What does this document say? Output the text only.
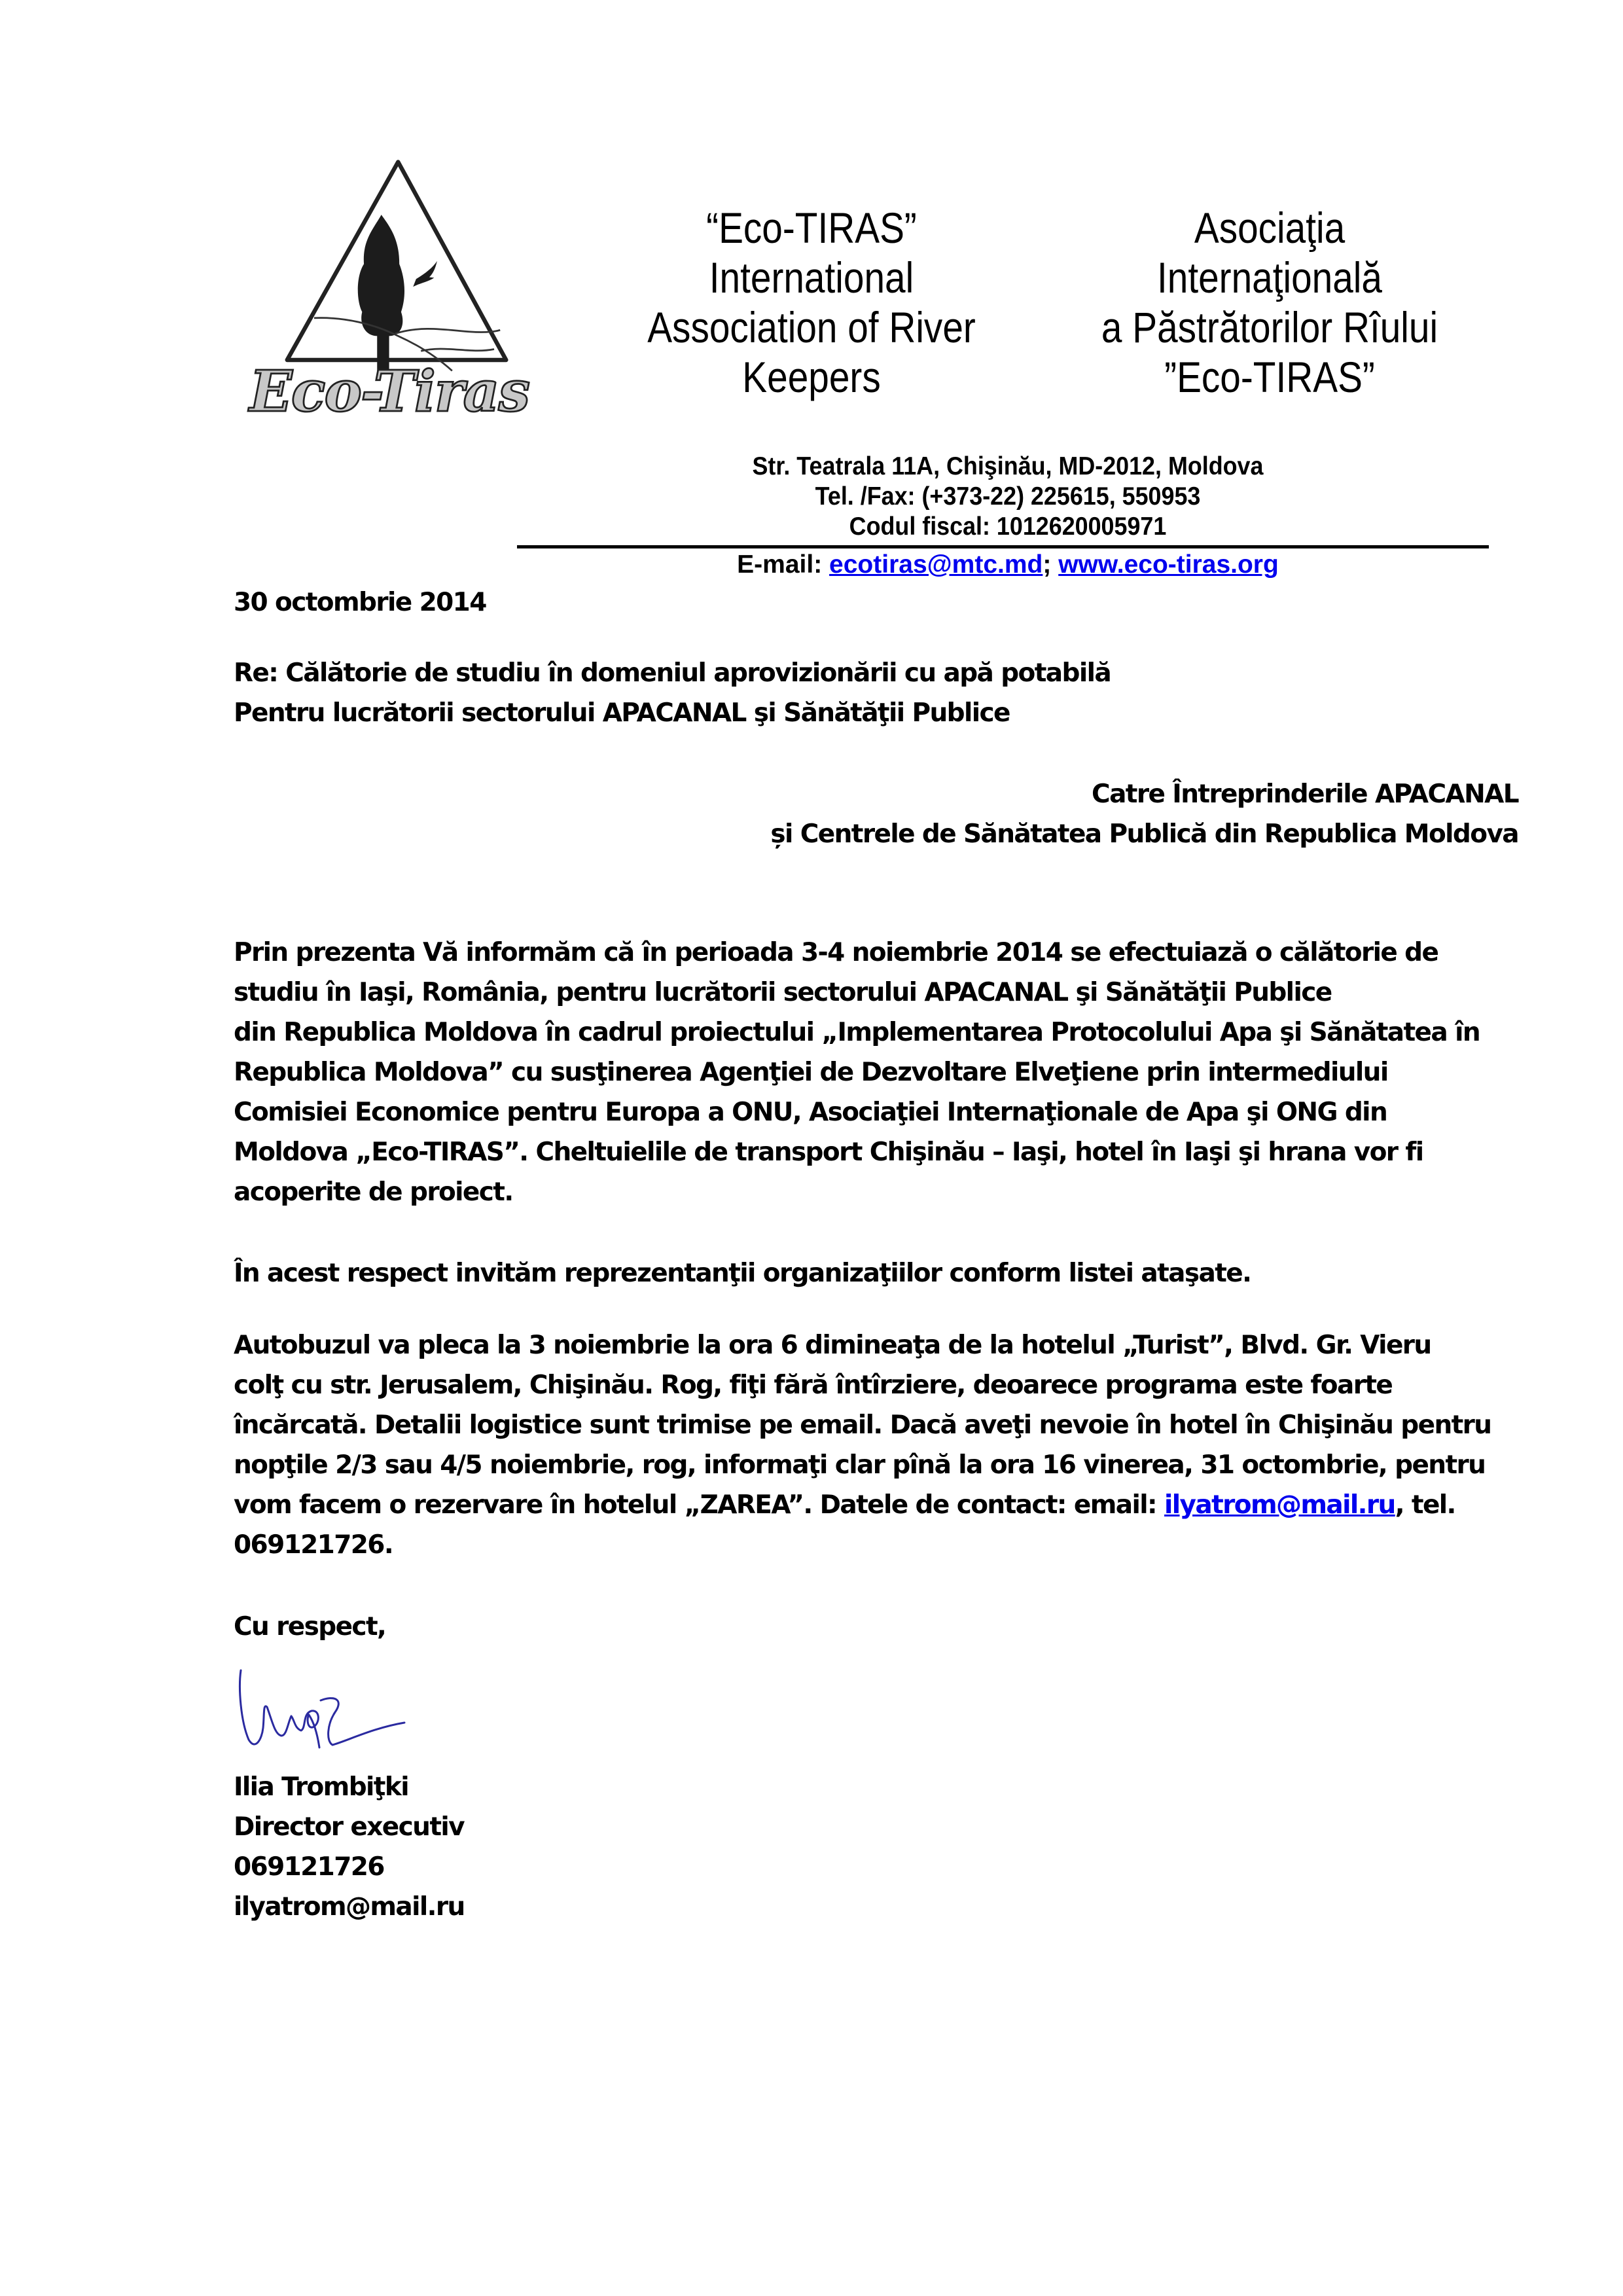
Eco-Tiras
“Eco-TIRAS”
International
Association of River
Keepers
Asociaţia
Internaţională
a Păstrătorilor Rîului
”Eco-TIRAS”
Str. Teatrala 11A, Chişinău, MD-2012, Moldova
Tel. /Fax: (+373-22) 225615, 550953
Codul fiscal: 1012620005971
E-mail: ecotiras@mtc.md; www.eco-tiras.org
30 octombrie 2014
Re: Călătorie de studiu în domeniul aprovizionării cu apă potabilă
Pentru lucrătorii sectorului APACANAL şi Sănătăţii Publice
Catre Întreprinderile APACANAL
și Centrele de Sănătatea Publică din Republica Moldova
Prin prezenta Vă informăm că în perioada 3-4 noiembrie 2014 se efectuiază o călătorie de
studiu în Iaşi, România, pentru lucrătorii sectorului APACANAL şi Sănătăţii Publice
din Republica Moldova în cadrul proiectului „Implementarea Protocolului Apa şi Sănătatea în
Republica Moldova” cu susţinerea Agenţiei de Dezvoltare Elveţiene prin intermediului
Comisiei Economice pentru Europa a ONU, Asociaţiei Internaţionale de Apa şi ONG din
Moldova „Eco-TIRAS”. Cheltuielile de transport Chişinău – Iaşi, hotel în Iaşi şi hrana vor fi
acoperite de proiect.
În acest respect invităm reprezentanţii organizaţiilor conform listei ataşate.
Autobuzul va pleca la 3 noiembrie la ora 6 dimineaţa de la hotelul „Turist”, Blvd. Gr. Vieru
colţ cu str. Jerusalem, Chişinău. Rog, fiţi fără întîrziere, deoarece programa este foarte
încărcată. Detalii logistice sunt trimise pe email. Dacă aveţi nevoie în hotel în Chişinău pentru
nopţile 2/3 sau 4/5 noiembrie, rog, informaţi clar pînă la ora 16 vinerea, 31 octombrie, pentru
vom facem o rezervare în hotelul „ZAREA”. Datele de contact: email: ilyatrom@mail.ru, tel.
069121726.
Cu respect,
Ilia Trombiţki
Director executiv
069121726
ilyatrom@mail.ru
